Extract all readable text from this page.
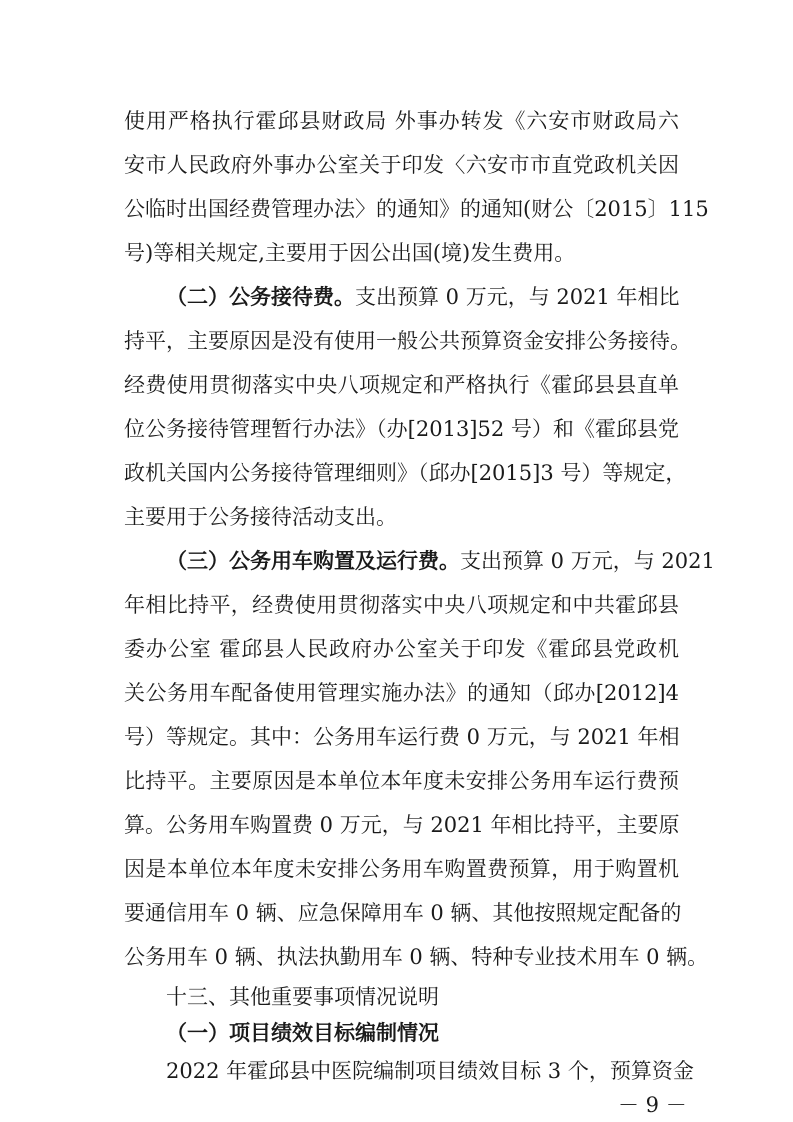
使用严格执行霍邱县财政局 外事办转发《六安市财政局六
安市人民政府外事办公室关于印发〈六安市市直党政机关因
公临时出国经费管理办法〉的通知》的通知(财公〔2015〕115
号)等相关规定,主要用于因公出国(境)发生费用。
（二）公务接待费。支出预算 0 万元，与 2021 年相比
持平，主要原因是没有使用一般公共预算资金安排公务接待。
经费使用贯彻落实中央八项规定和严格执行《霍邱县县直单
位公务接待管理暂行办法》（办[2013]52 号）和《霍邱县党
政机关国内公务接待管理细则》（邱办[2015]3 号）等规定，
主要用于公务接待活动支出。
（三）公务用车购置及运行费。支出预算 0 万元，与 2021
年相比持平，经费使用贯彻落实中央八项规定和中共霍邱县
委办公室 霍邱县人民政府办公室关于印发《霍邱县党政机
关公务用车配备使用管理实施办法》的通知（邱办[2012]4
号）等规定。其中：公务用车运行费 0 万元，与 2021 年相
比持平。主要原因是本单位本年度未安排公务用车运行费预
算。公务用车购置费 0 万元，与 2021 年相比持平，主要原
因是本单位本年度未安排公务用车购置费预算，用于购置机
要通信用车 0 辆、应急保障用车 0 辆、其他按照规定配备的
公务用车 0 辆、执法执勤用车 0 辆、特种专业技术用车 0 辆。
十三、其他重要事项情况说明
（一）项目绩效目标编制情况
2022 年霍邱县中医院编制项目绩效目标 3 个，预算资金
－ 9 －
